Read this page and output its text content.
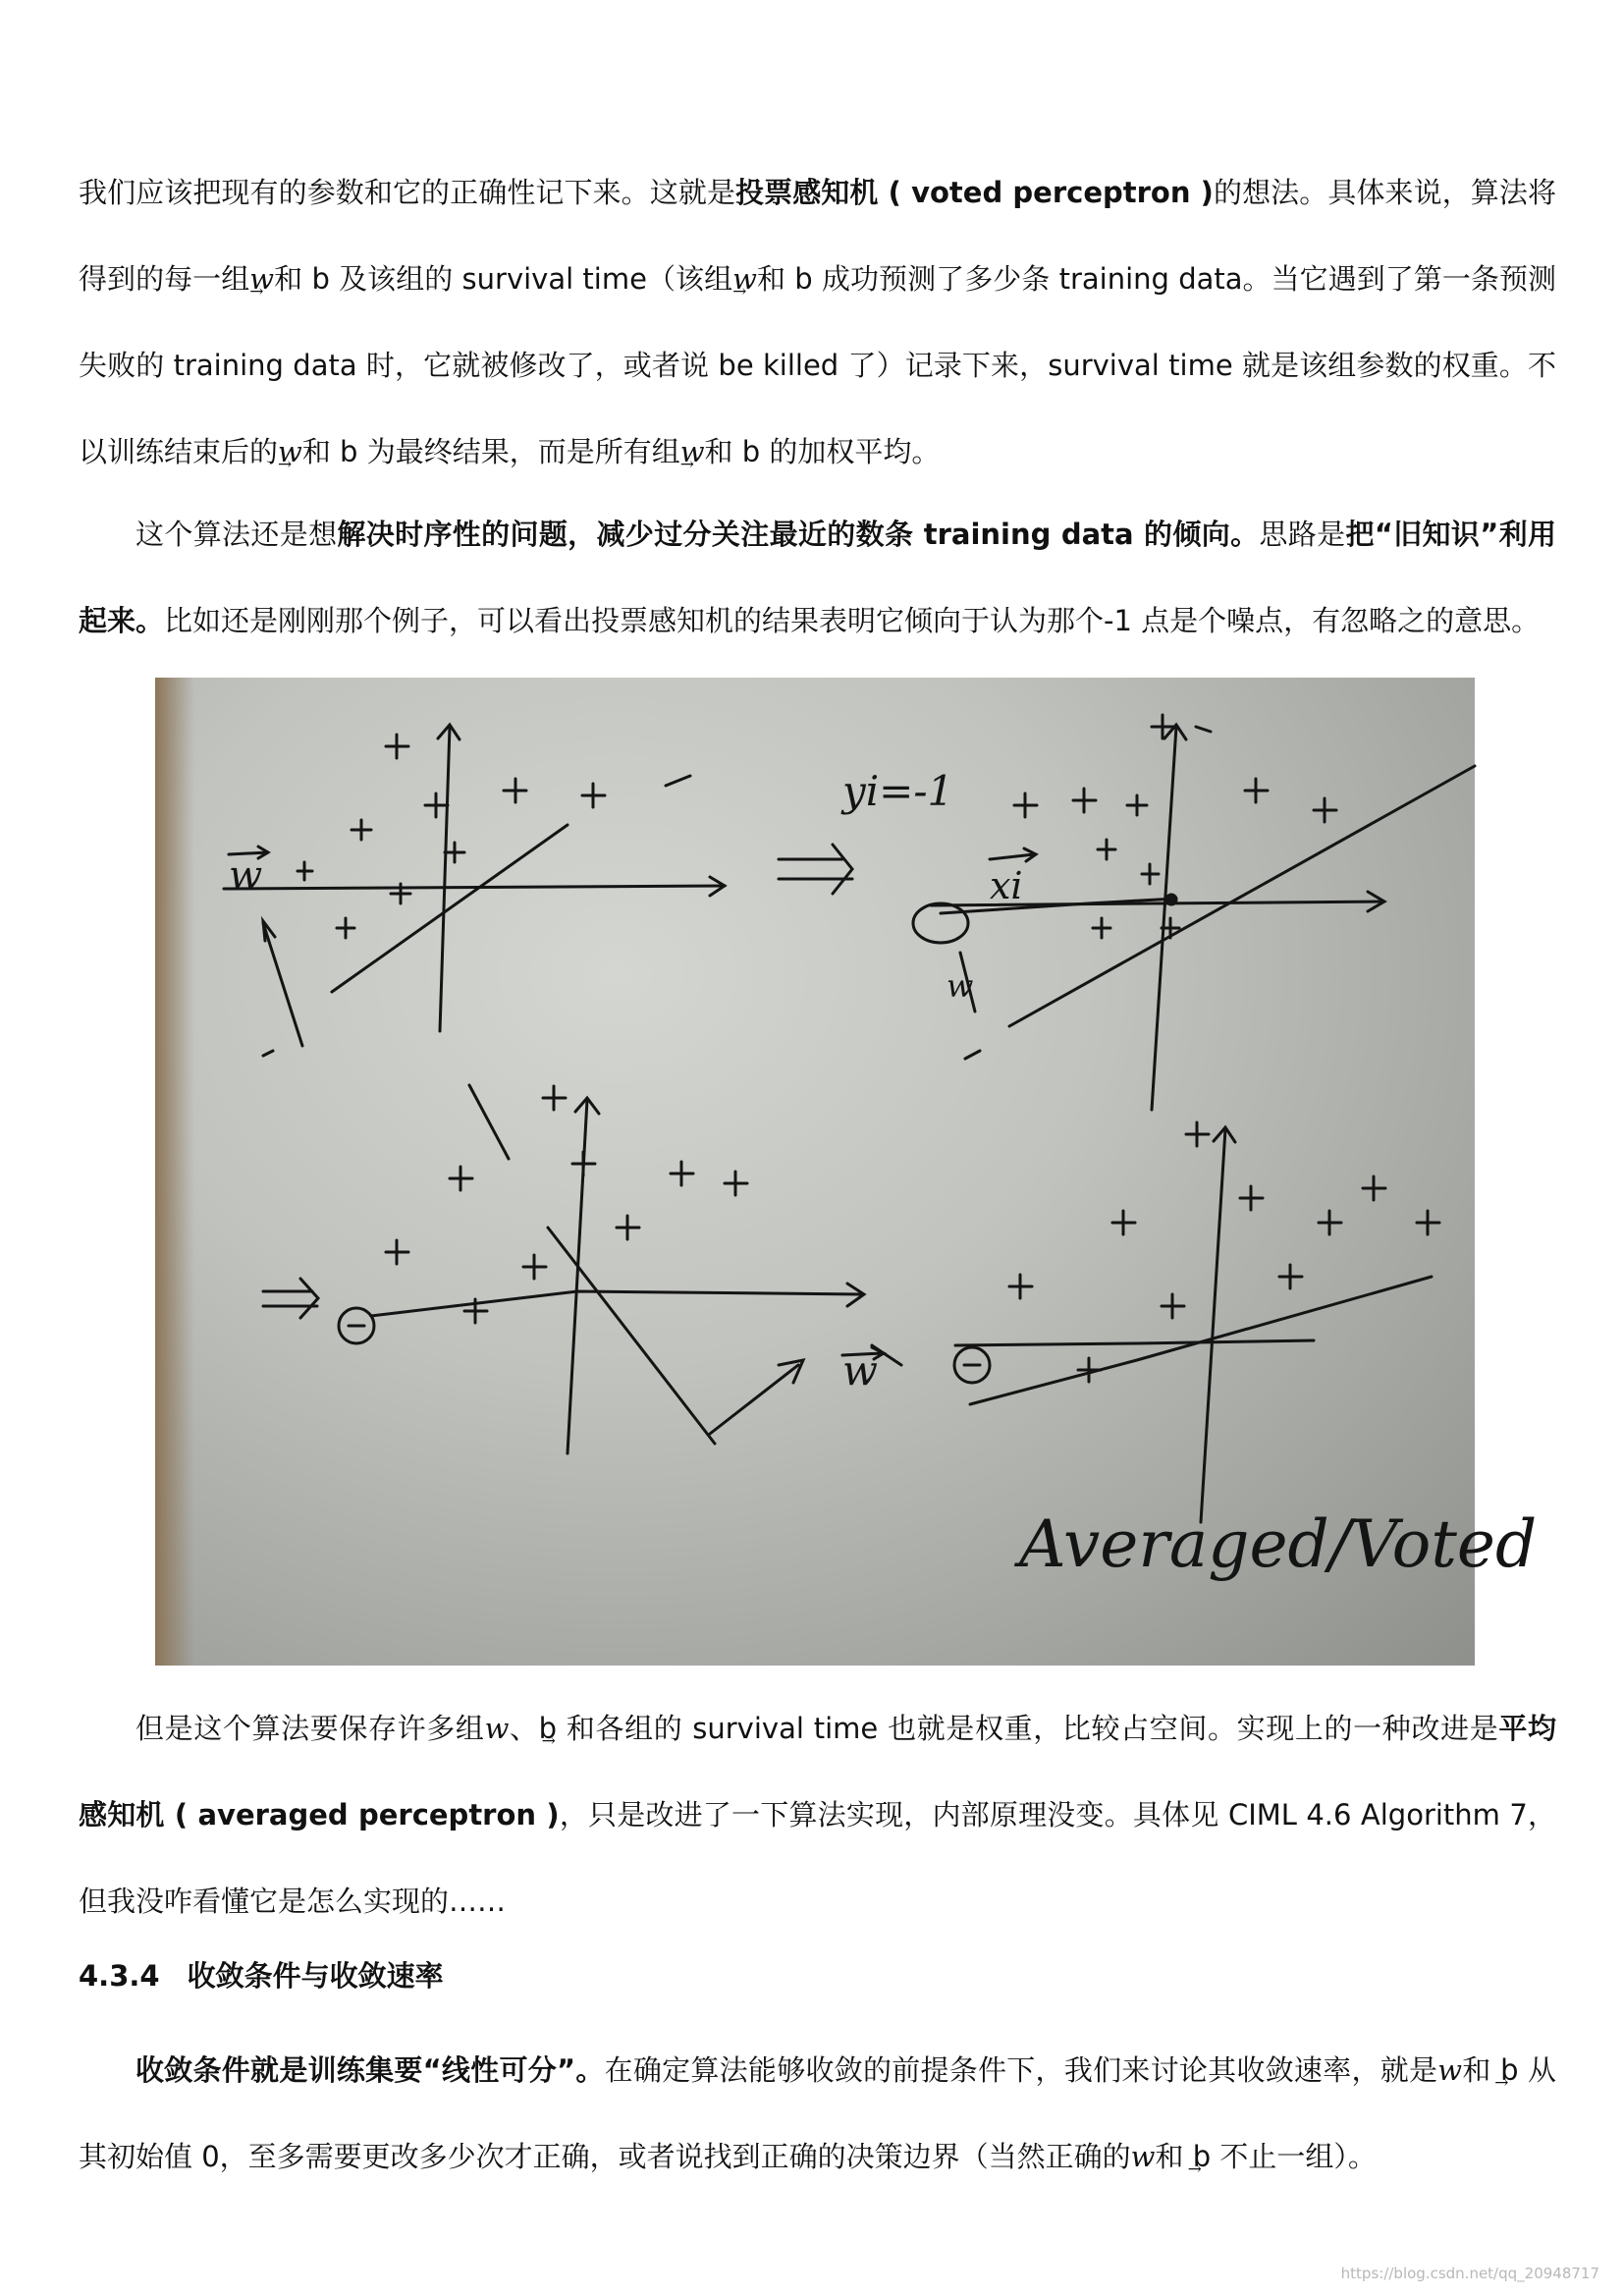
我们应该把现有的参数和它的正确性记下来。这就是投票感知机 ( voted perceptron )的想法。具体来说，算法将得到的每一组→ w和 b 及该组的 survival time（该组→ w和 b 成功预测了多少条 training data。当它遇到了第一条预测失败的 training data 时，它就被修改了，或者说 be killed 了）记录下来，survival time 就是该组参数的权重。不以训练结束后的→ w和 b 为最终结果，而是所有组→ w和 b 的加权平均。

这个算法还是想解决时序性的问题，减少过分关注最近的数条 training data 的倾向。思路是把“旧知识”利用起来。比如还是刚刚那个例子，可以看出投票感知机的结果表明它倾向于认为那个-1 点是个噪点，有忽略之的意思。

w
w
yi=-1
xi
w
Averaged/Voted

但是这个算法要保存许多组→ w、b 和各组的 survival time 也就是权重，比较占空间。实现上的一种改进是平均感知机 ( averaged perceptron )，只是改进了一下算法实现，内部原理没变。具体见 CIML 4.6 Algorithm 7，但我没咋看懂它是怎么实现的……

4.3.4 收敛条件与收敛速率

收敛条件就是训练集要“线性可分”。在确定算法能够收敛的前提条件下，我们来讨论其收敛速率，就是→ w和 b 从其初始值 0，至多需要更改多少次才正确，或者说找到正确的决策边界（当然正确的→ w和 b 不止一组）。

https://blog.csdn.net/qq_20948717
